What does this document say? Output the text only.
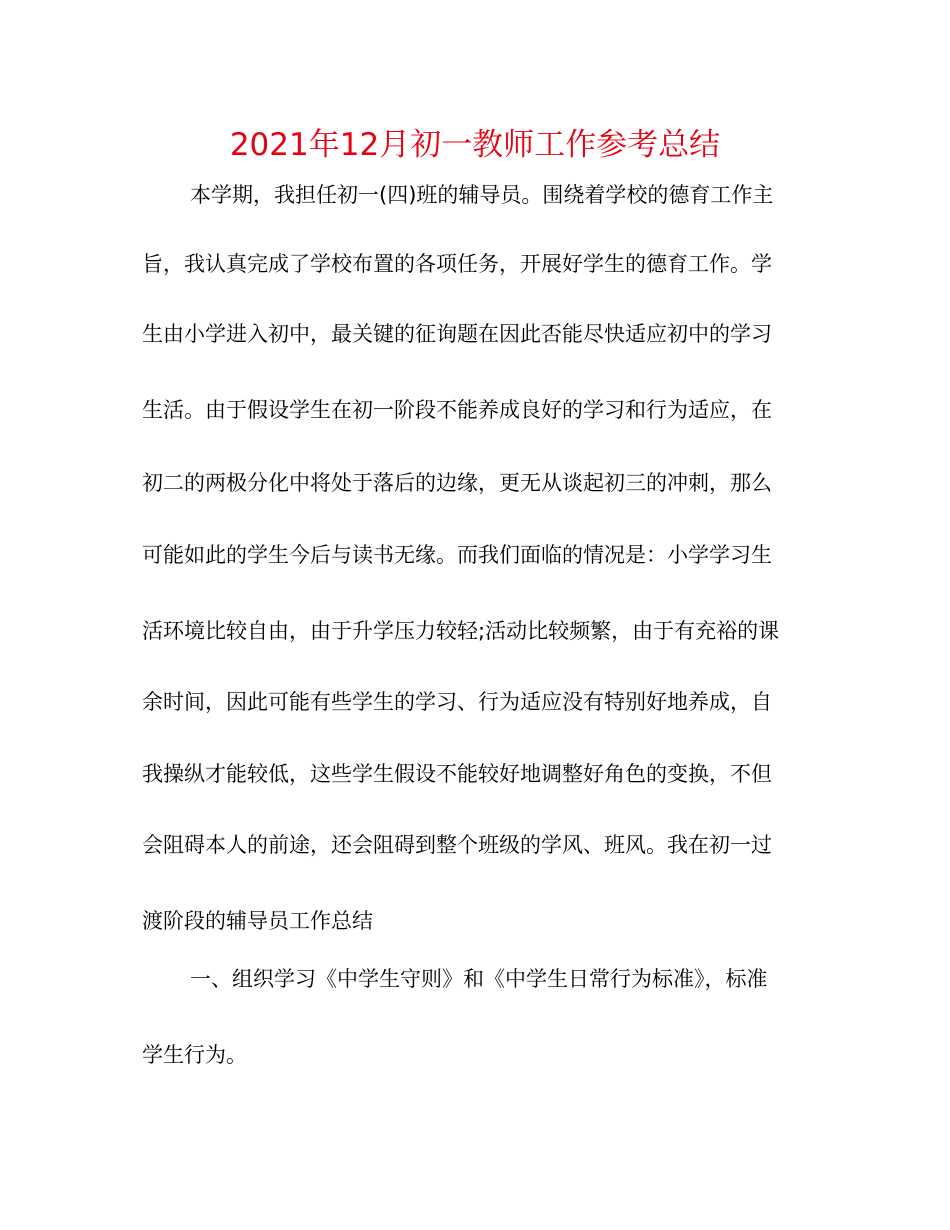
2021年12月初一教师工作参考总结

本学期，我担任初一(四)班的辅导员。围绕着学校的德育工作主

旨，我认真完成了学校布置的各项任务，开展好学生的德育工作。学

生由小学进入初中，最关键的征询题在因此否能尽快适应初中的学习

生活。由于假设学生在初一阶段不能养成良好的学习和行为适应，在

初二的两极分化中将处于落后的边缘，更无从谈起初三的冲刺，那么

可能如此的学生今后与读书无缘。而我们面临的情况是：小学学习生

活环境比较自由，由于升学压力较轻;活动比较频繁，由于有充裕的课

余时间，因此可能有些学生的学习、行为适应没有特别好地养成，自

我操纵才能较低，这些学生假设不能较好地调整好角色的变换，不但

会阻碍本人的前途，还会阻碍到整个班级的学风、班风。我在初一过

渡阶段的辅导员工作总结

一、组织学习《中学生守则》和《中学生日常行为标准》，标准

学生行为。
